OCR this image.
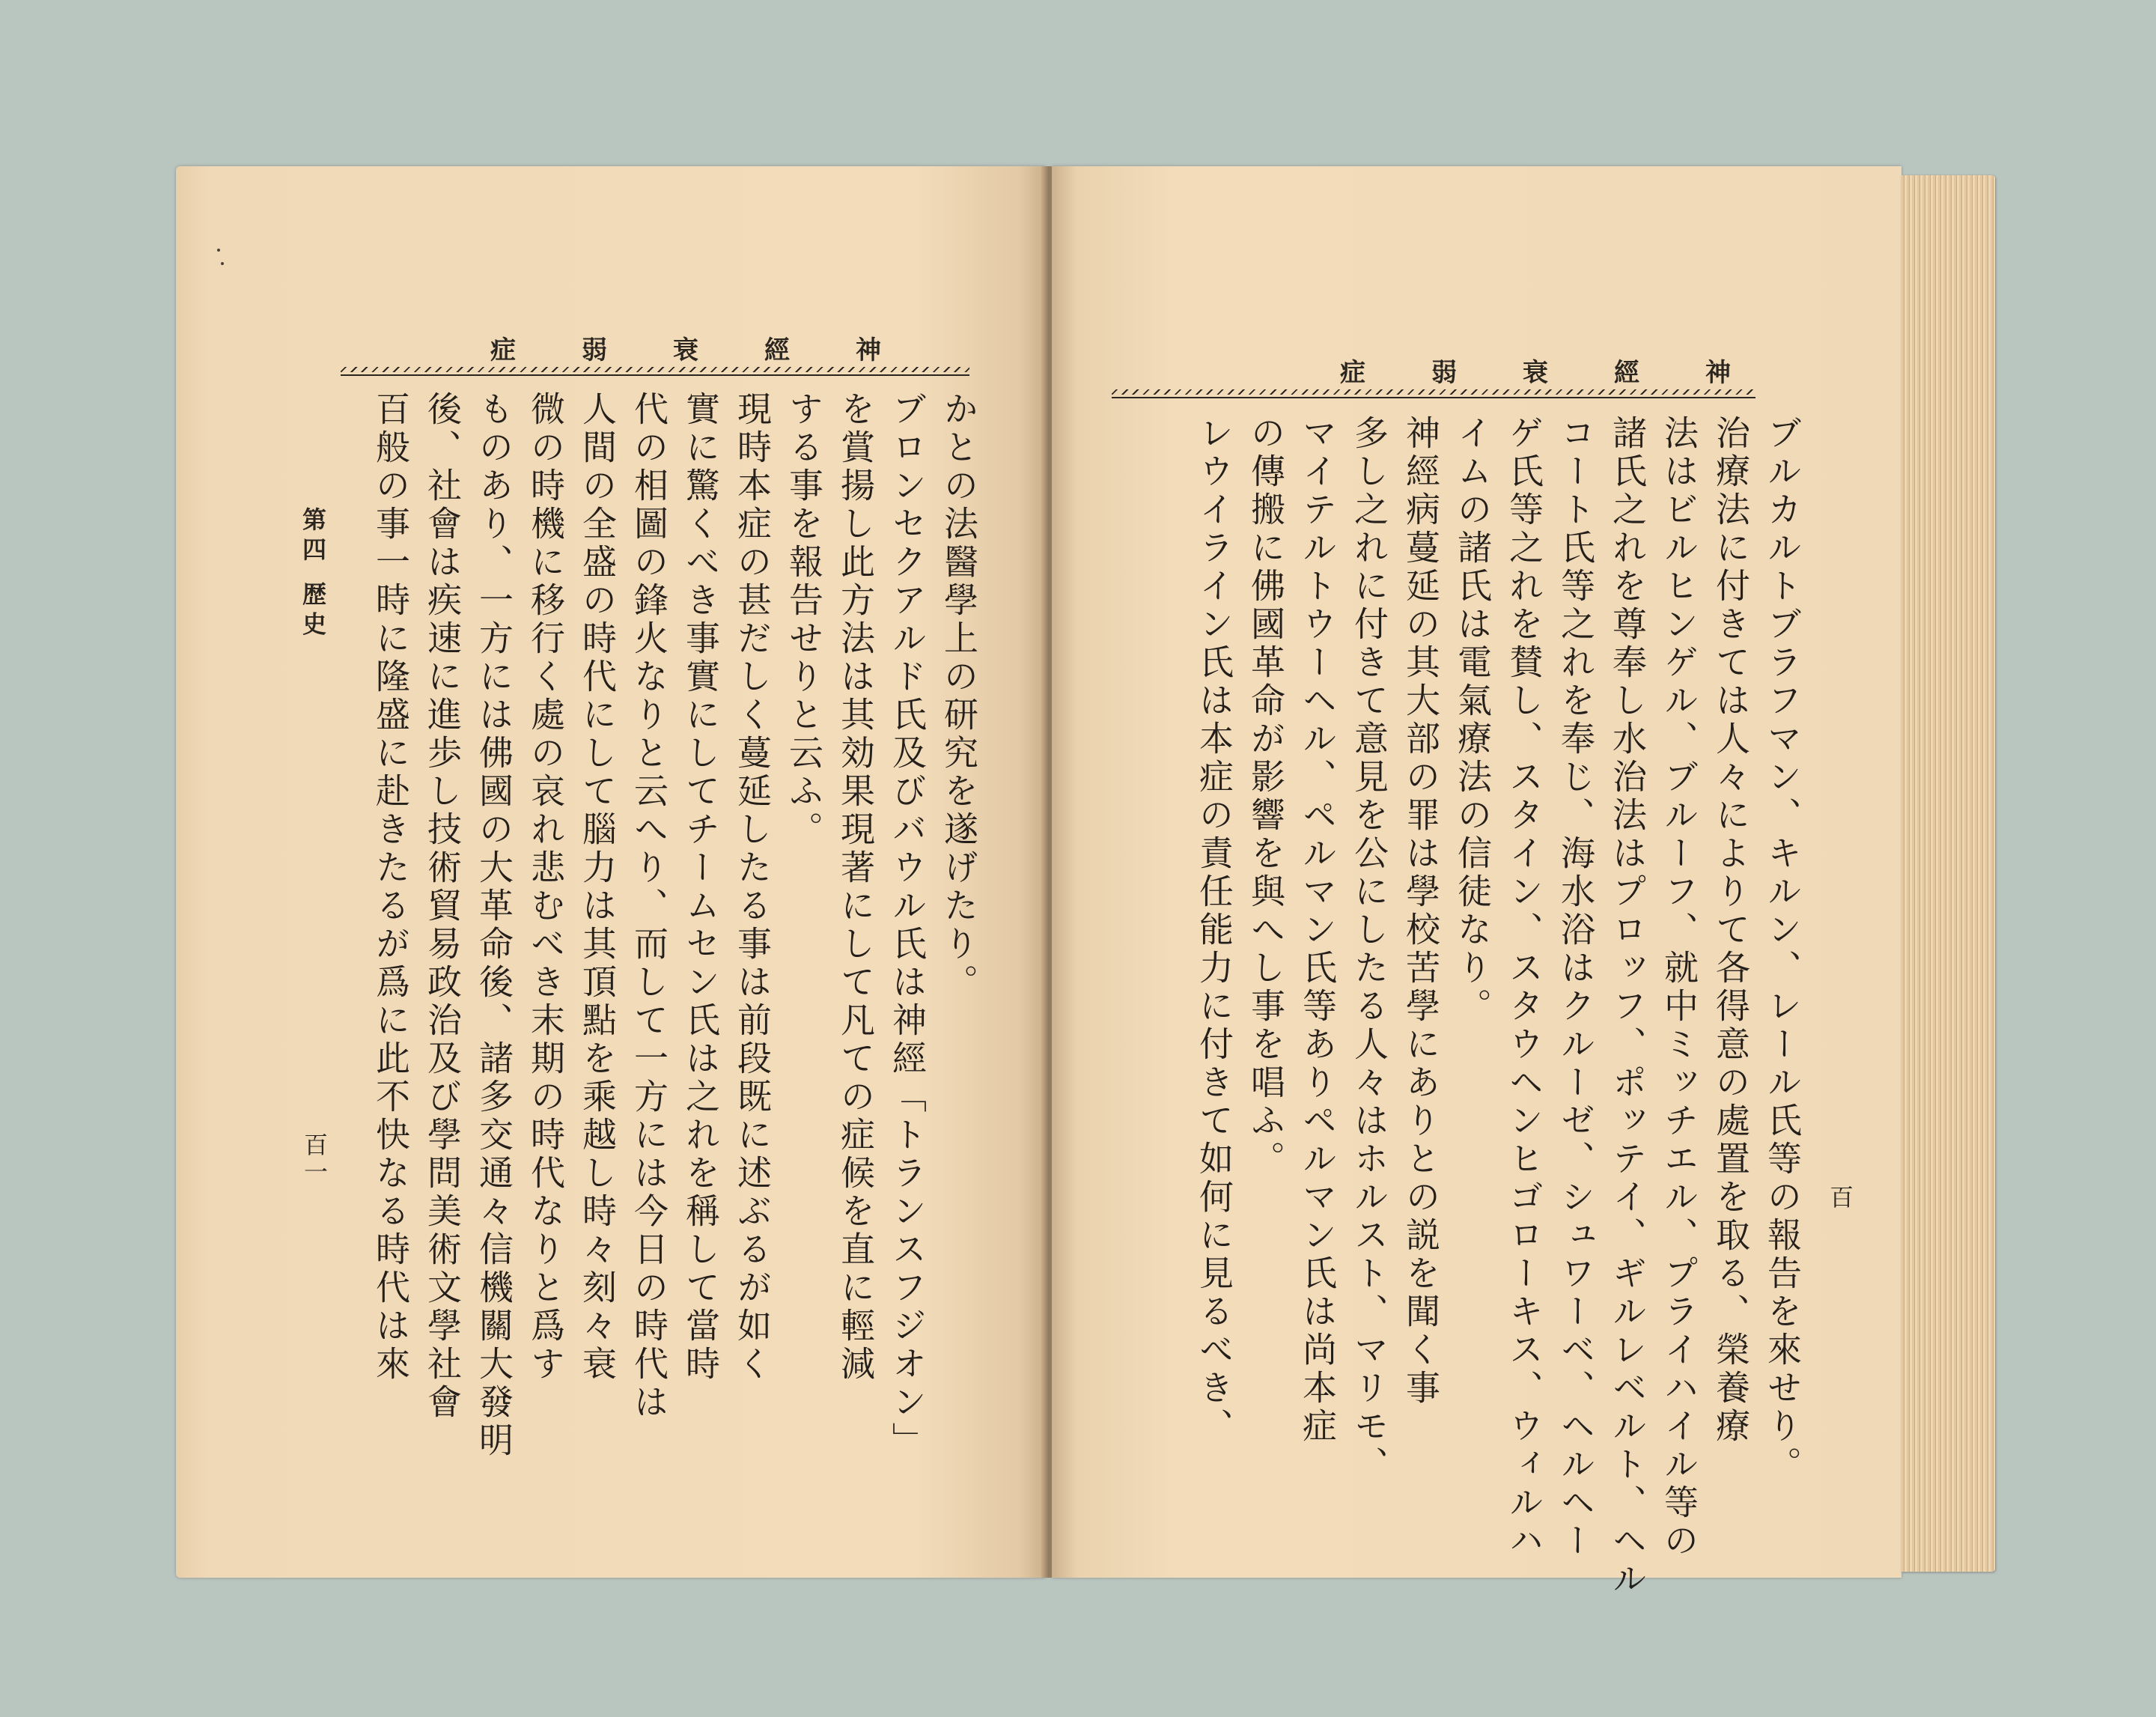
症弱衰經神
かとの法醫學上の研究を遂げたり。
ブロンセクアルド氏及びバウル氏は神經「トランスフジオン」
を賞揚し此方法は其効果現著にして凡ての症候を直に輕減
する事を報告せりと云ふ。
現時本症の甚だしく蔓延したる事は前段既に述ぶるが如く
實に驚くべき事實にしてチームセン氏は之れを稱して當時
代の相圖の鋒火なりと云へり、而して一方には今日の時代は
人間の全盛の時代にして腦力は其頂點を乘越し時々刻々衰
微の時機に移行く處の哀れ悲むべき末期の時代なりと爲す
ものあり、一方には佛國の大革命後、諸多交通々信機關大發明
後、社會は疾速に進歩し技術貿易政治及び學問美術文學社會
百般の事一時に隆盛に赴きたるが爲に此不快なる時代は來
第四 歴史
百一
症弱衰經神
ブルカルトブラフマン、キルン、レール氏等の報告を來せり。
治療法に付きては人々によりて各得意の處置を取る、榮養療
法はビルヒンゲル、ブルーフ、就中ミッチエル、プライハイル等の
諸氏之れを尊奉し水治法はプロッフ、ポッテイ、ギルレベルト、ヘル
コート氏等之れを奉じ、海水浴はクルーゼ、シュワーベ、ヘルヘー
ゲ氏等之れを賛し、スタイン、スタウヘンヒゴローキス、ウィルハ
イムの諸氏は電氣療法の信徒なり。
神經病蔓延の其大部の罪は學校苦學にありとの説を聞く事
多し之れに付きて意見を公にしたる人々はホルスト、マリモ、
マイテルトウーヘル、ペルマン氏等ありペルマン氏は尚本症
の傳搬に佛國革命が影響を與へし事を唱ふ。
レウイライン氏は本症の責任能力に付きて如何に見るべき、	百
